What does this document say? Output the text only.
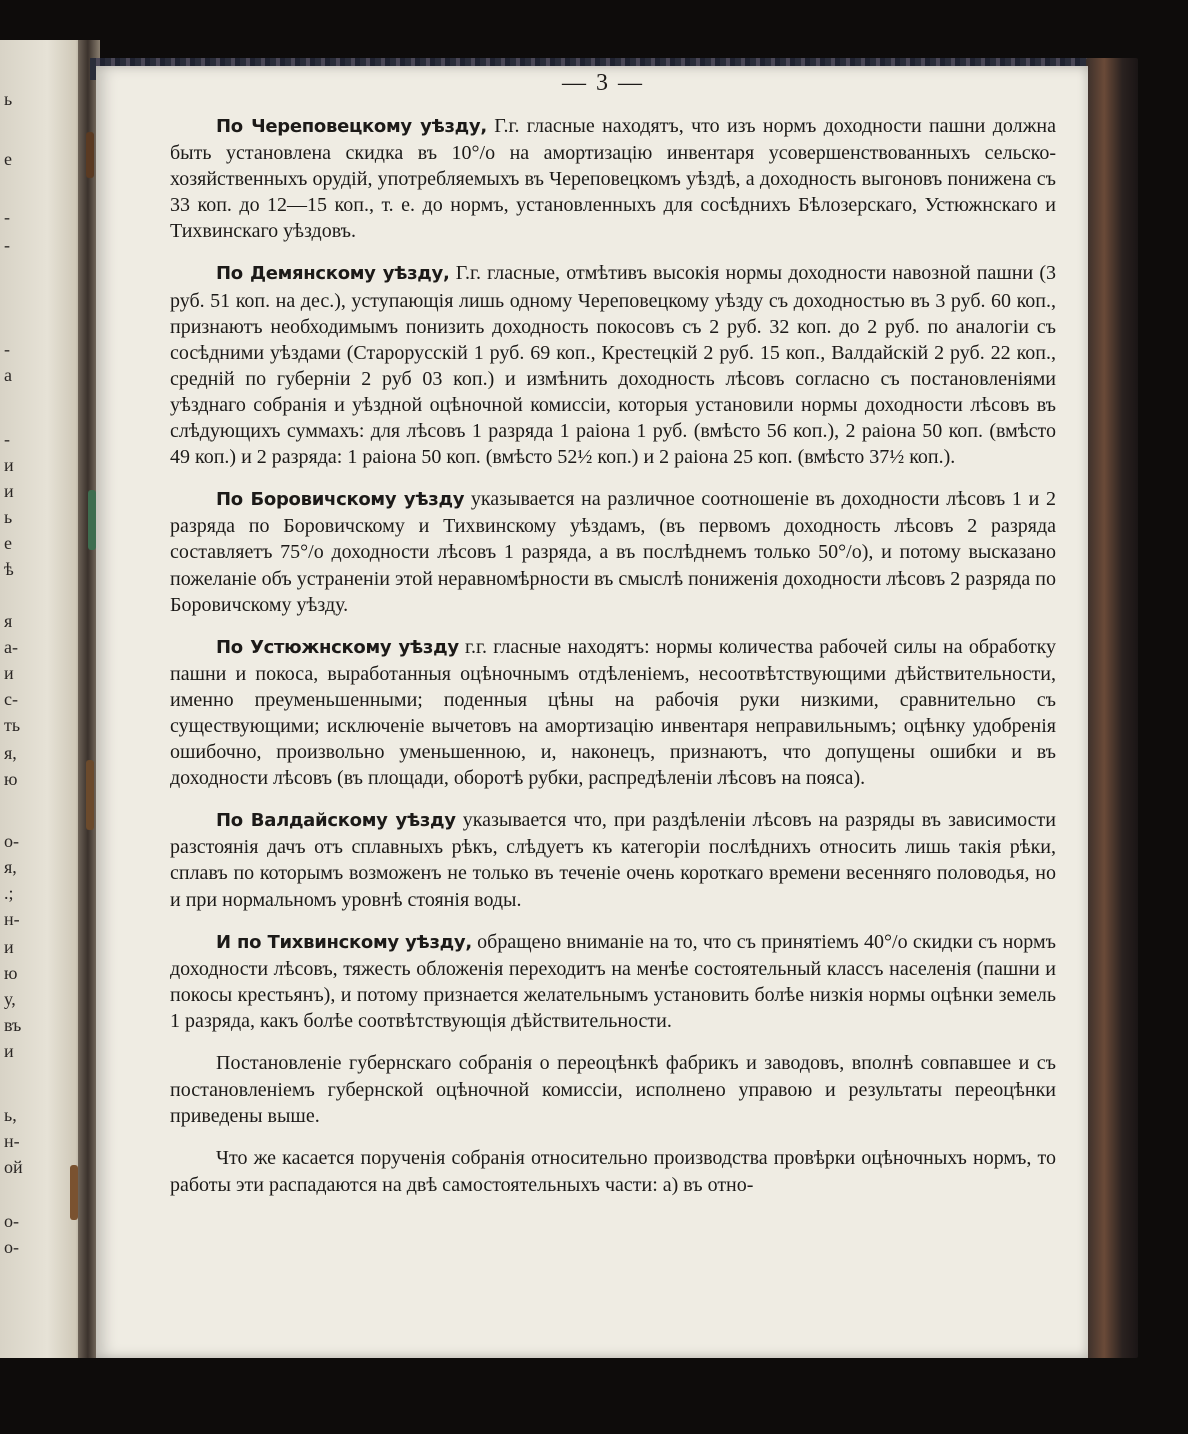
ь
е
-
-
-
а
-
и
и
ь
е
ѣ
я
а-
и
с-
ть
я,
ю
о-
я,
.;
н-
и
ю
у,
въ
и
ь,
н-
ой
о-
о-
— 3 —

По Череповецкому уѣзду, Г.г. гласные находятъ, что изъ нормъ доходности пашни должна быть установлена скидка въ 10°/о на амортизацію инвентаря усовершенствованныхъ сельско-хозяйственныхъ орудій, употребляемыхъ въ Череповецкомъ уѣздѣ, а доходность выгоновъ понижена съ 33 коп. до 12—15 коп., т. е. до нормъ, установленныхъ для сосѣднихъ Бѣлозерскаго, Устюжнскаго и Тихвинскаго уѣздовъ.

По Демянскому уѣзду, Г.г. гласные, отмѣтивъ высокія нормы доходности навозной пашни (3 руб. 51 коп. на дес.), уступающія лишь одному Череповецкому уѣзду съ доходностью въ 3 руб. 60 коп., признаютъ необходимымъ понизить доходность покосовъ съ 2 руб. 32 коп. до 2 руб. по аналогіи съ сосѣдними уѣздами (Старорусскій 1 руб. 69 коп., Крестецкій 2 руб. 15 коп., Валдайскій 2 руб. 22 коп., средній по губерніи 2 руб 03 коп.) и измѣнить доходность лѣсовъ согласно съ постановленіями уѣзднаго собранія и уѣздной оцѣночной комиссіи, которыя установили нормы доходности лѣсовъ въ слѣдующихъ суммахъ: для лѣсовъ 1 разряда 1 раіона 1 руб. (вмѣсто 56 коп.), 2 раіона 50 коп. (вмѣсто 49 коп.) и 2 разряда: 1 раіона 50 коп. (вмѣсто 52½ коп.) и 2 раіона 25 коп. (вмѣсто 37½ коп.).

По Боровичскому уѣзду указывается на различное соотношеніе въ доходности лѣсовъ 1 и 2 разряда по Боровичскому и Тихвинскому уѣздамъ, (въ первомъ доходность лѣсовъ 2 разряда составляетъ 75°/о доходности лѣсовъ 1 разряда, а въ послѣднемъ только 50°/о), и потому высказано пожеланіе объ устраненіи этой неравномѣрности въ смыслѣ пониженія доходности лѣсовъ 2 разряда по Боровичскому уѣзду.

По Устюжнскому уѣзду г.г. гласные находятъ: нормы количества рабочей силы на обработку пашни и покоса, выработанныя оцѣночнымъ отдѣленіемъ, несоотвѣтствующими дѣйствительности, именно преуменьшенными; поденныя цѣны на рабочія руки низкими, сравнительно съ существующими; исключеніе вычетовъ на амортизацію инвентаря неправильнымъ; оцѣнку удобренія ошибочно, произвольно уменьшенною, и, наконецъ, признаютъ, что допущены ошибки и въ доходности лѣсовъ (въ площади, оборотѣ рубки, распредѣленіи лѣсовъ на пояса).

По Валдайскому уѣзду указывается что, при раздѣленіи лѣсовъ на разряды въ зависимости разстоянія дачъ отъ сплавныхъ рѣкъ, слѣдуетъ къ категоріи послѣднихъ относить лишь такія рѣки, сплавъ по которымъ возможенъ не только въ теченіе очень короткаго времени весенняго половодья, но и при нормальномъ уровнѣ стоянія воды.

И по Тихвинскому уѣзду, обращено вниманіе на то, что съ принятіемъ 40°/о скидки съ нормъ доходности лѣсовъ, тяжесть обложенія переходитъ на менѣе состоятельный классъ населенія (пашни и покосы крестьянъ), и потому признается желательнымъ установить болѣе низкія нормы оцѣнки земель 1 разряда, какъ болѣе соотвѣтствующія дѣйствительности.

Постановленіе губернскаго собранія о переоцѣнкѣ фабрикъ и заводовъ, вполнѣ совпавшее и съ постановленіемъ губернской оцѣночной комиссіи, исполнено управою и результаты переоцѣнки приведены выше.

Что же касается порученія собранія относительно производства провѣрки оцѣночныхъ нормъ, то работы эти распадаются на двѣ самостоятельныхъ части: а) въ отно-
